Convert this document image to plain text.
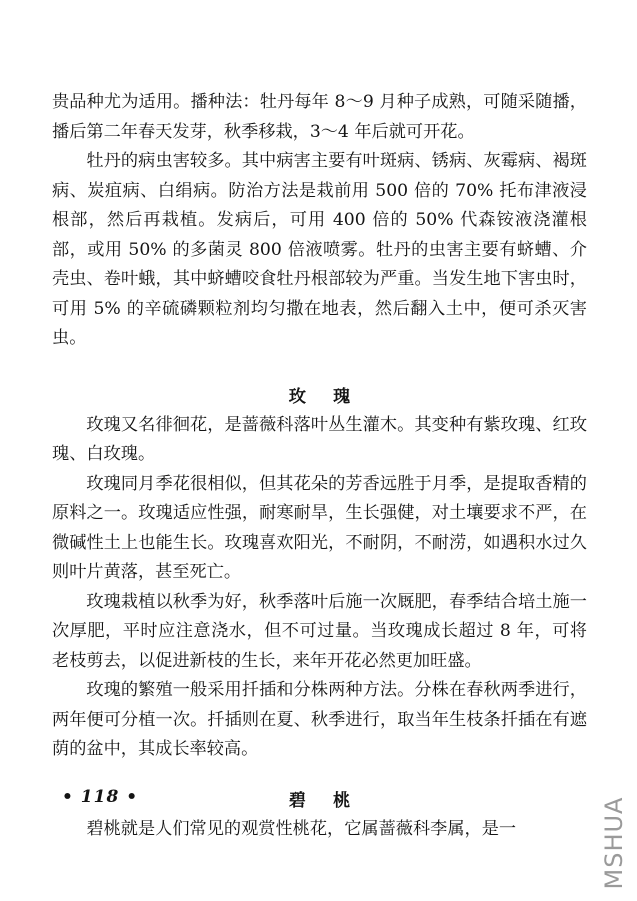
贵品种尤为适用。播种法：牡丹每年 8～9 月种子成熟，可随采随播，播后第二年春天发芽，秋季移栽，3～4 年后就可开花。

牡丹的病虫害较多。其中病害主要有叶斑病、锈病、灰霉病、褐斑病、炭疽病、白绢病。防治方法是栽前用 500 倍的 70% 托布津液浸根部，然后再栽植。发病后，可用 400 倍的 50% 代森铵液浇灌根部，或用 50% 的多菌灵 800 倍液喷雾。牡丹的虫害主要有蛴螬、介壳虫、卷叶蛾，其中蛴螬咬食牡丹根部较为严重。当发生地下害虫时，可用 5% 的辛硫磷颗粒剂均匀撒在地表，然后翻入土中，便可杀灭害虫。

玫瑰

玫瑰又名徘徊花，是蔷薇科落叶丛生灌木。其变种有紫玫瑰、红玫瑰、白玫瑰。

玫瑰同月季花很相似，但其花朵的芳香远胜于月季，是提取香精的原料之一。玫瑰适应性强，耐寒耐旱，生长强健，对土壤要求不严，在微碱性土上也能生长。玫瑰喜欢阳光，不耐阴，不耐涝，如遇积水过久则叶片黄落，甚至死亡。

玫瑰栽植以秋季为好，秋季落叶后施一次厩肥，春季结合培土施一次厚肥，平时应注意浇水，但不可过量。当玫瑰成长超过 8 年，可将老枝剪去，以促进新枝的生长，来年开花必然更加旺盛。

玫瑰的繁殖一般采用扦插和分株两种方法。分株在春秋两季进行，两年便可分植一次。扦插则在夏、秋季进行，取当年生枝条扦插在有遮荫的盆中，其成长率较高。

碧桃

碧桃就是人们常见的观赏性桃花，它属蔷薇科李属，是一

• 118 •	MSHUA
